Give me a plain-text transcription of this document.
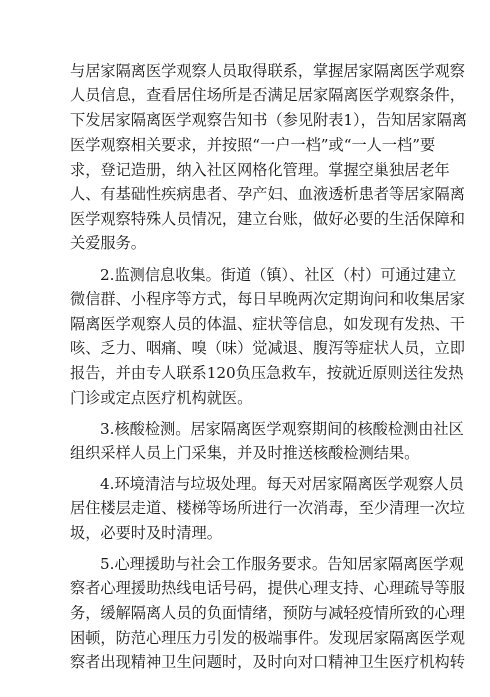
与居家隔离医学观察人员取得联系，掌握居家隔离医学观察
人员信息，查看居住场所是否满足居家隔离医学观察条件，
下发居家隔离医学观察告知书（参见附表1），告知居家隔离
医学观察相关要求，并按照“一户一档”或“一人一档”要
求，登记造册，纳入社区网格化管理。掌握空巢独居老年
人、有基础性疾病患者、孕产妇、血液透析患者等居家隔离
医学观察特殊人员情况，建立台账，做好必要的生活保障和
关爱服务。
2.监测信息收集。街道（镇）、社区（村）可通过建立
微信群、小程序等方式，每日早晚两次定期询问和收集居家
隔离医学观察人员的体温、症状等信息，如发现有发热、干
咳、乏力、咽痛、嗅（味）觉减退、腹泻等症状人员，立即
报告，并由专人联系120负压急救车，按就近原则送往发热
门诊或定点医疗机构就医。
3.核酸检测。居家隔离医学观察期间的核酸检测由社区
组织采样人员上门采集，并及时推送核酸检测结果。
4.环境清洁与垃圾处理。每天对居家隔离医学观察人员
居住楼层走道、楼梯等场所进行一次消毒，至少清理一次垃
圾，必要时及时清理。
5.心理援助与社会工作服务要求。告知居家隔离医学观
察者心理援助热线电话号码，提供心理支持、心理疏导等服
务，缓解隔离人员的负面情绪，预防与减轻疫情所致的心理
困顿，防范心理压力引发的极端事件。发现居家隔离医学观
察者出现精神卫生问题时，及时向对口精神卫生医疗机构转
